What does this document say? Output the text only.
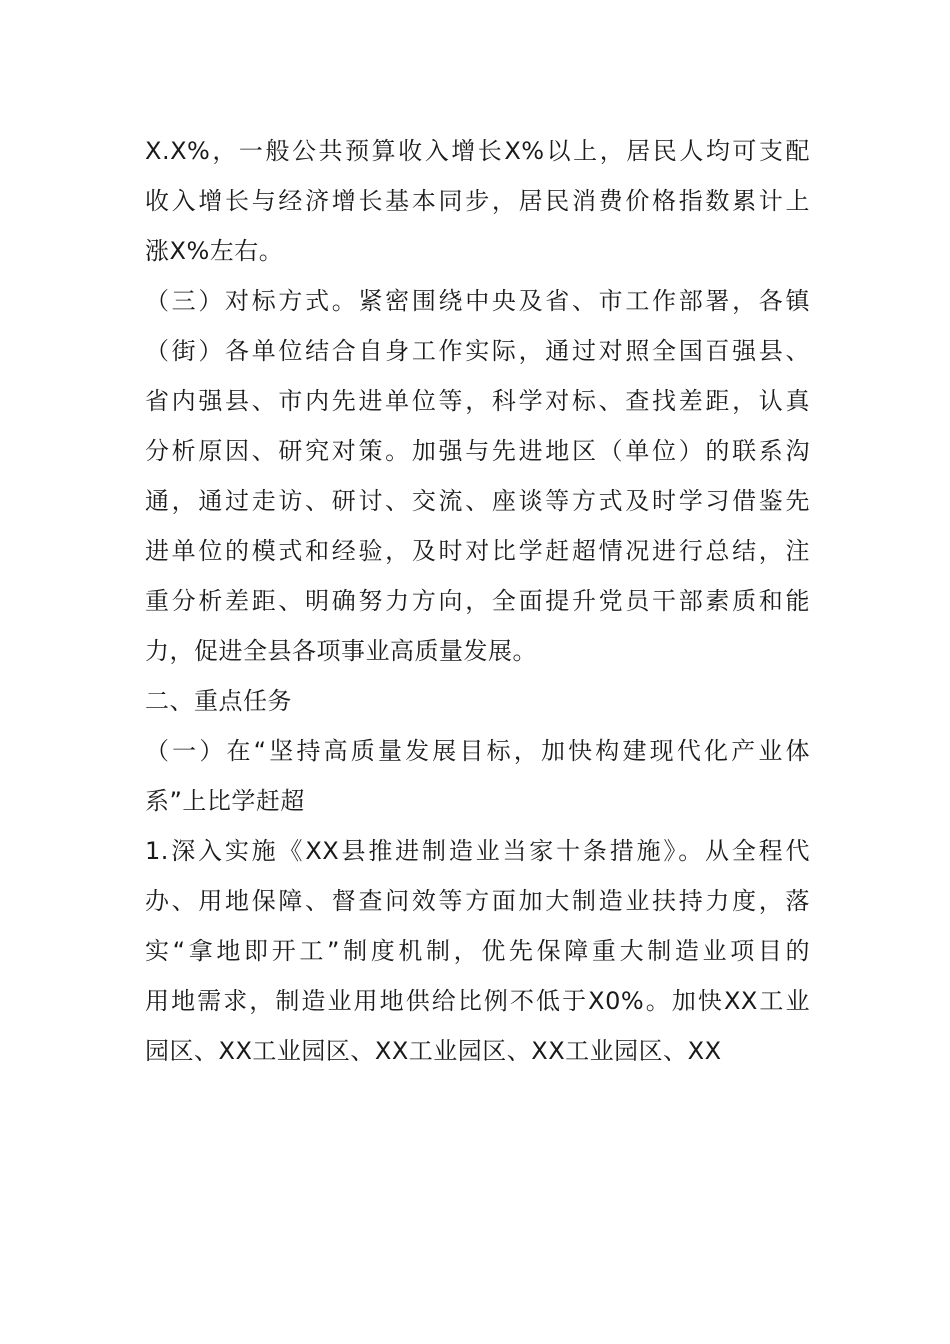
X.X%，一般公共预算收入增长X%以上，居民人均可支配
收入增长与经济增长基本同步，居民消费价格指数累计上
涨X%左右。
（三）对标方式。紧密围绕中央及省、市工作部署，各镇
（街）各单位结合自身工作实际，通过对照全国百强县、
省内强县、市内先进单位等，科学对标、查找差距，认真
分析原因、研究对策。加强与先进地区（单位）的联系沟
通，通过走访、研讨、交流、座谈等方式及时学习借鉴先
进单位的模式和经验，及时对比学赶超情况进行总结，注
重分析差距、明确努力方向，全面提升党员干部素质和能
力，促进全县各项事业高质量发展。
二、重点任务
（一）在“坚持高质量发展目标，加快构建现代化产业体
系”上比学赶超
1.深入实施《XX县推进制造业当家十条措施》。从全程代
办、用地保障、督查问效等方面加大制造业扶持力度，落
实“拿地即开工”制度机制，优先保障重大制造业项目的
用地需求，制造业用地供给比例不低于X0%。加快XX工业
园区、XX工业园区、XX工业园区、XX工业园区、XX
